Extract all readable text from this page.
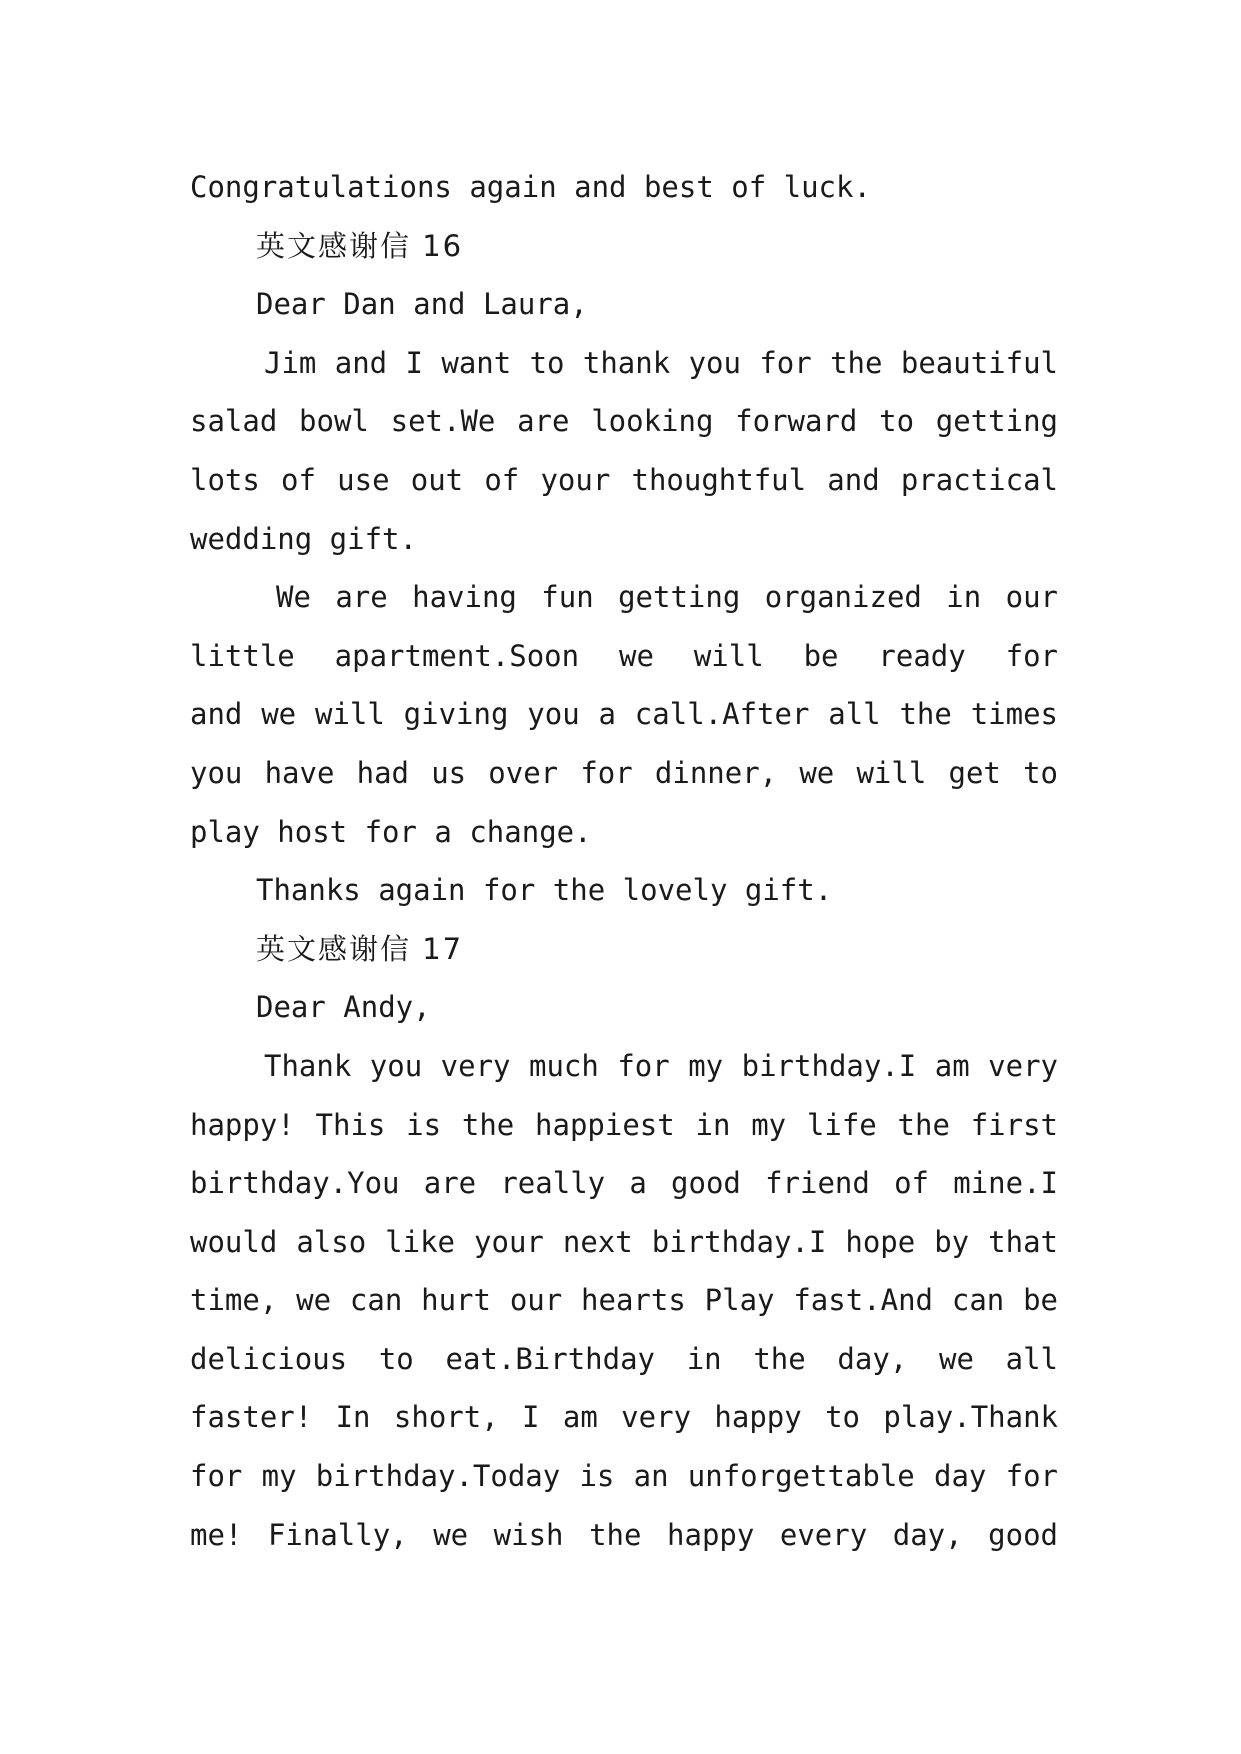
Congratulations again and best of luck.
英文感谢信 16
Dear Dan and Laura,
Jim and I want to thank you for the beautiful
salad bowl set.We are looking forward to getting
lots of use out of your thoughtful and practical
wedding gift.
We are having fun getting organized in our
little apartment.Soon we will be ready for
and we will giving you a call.After all the times
you have had us over for dinner, we will get to
play host for a change.
Thanks again for the lovely gift.
英文感谢信 17
Dear Andy,
Thank you very much for my birthday.I am very
happy! This is the happiest in my life the first
birthday.You are really a good friend of mine.I
would also like your next birthday.I hope by that
time, we can hurt our hearts Play fast.And can be
delicious to eat.Birthday in the day, we all
faster! In short, I am very happy to play.Thank
for my birthday.Today is an unforgettable day for
me! Finally, we wish the happy every day, good
